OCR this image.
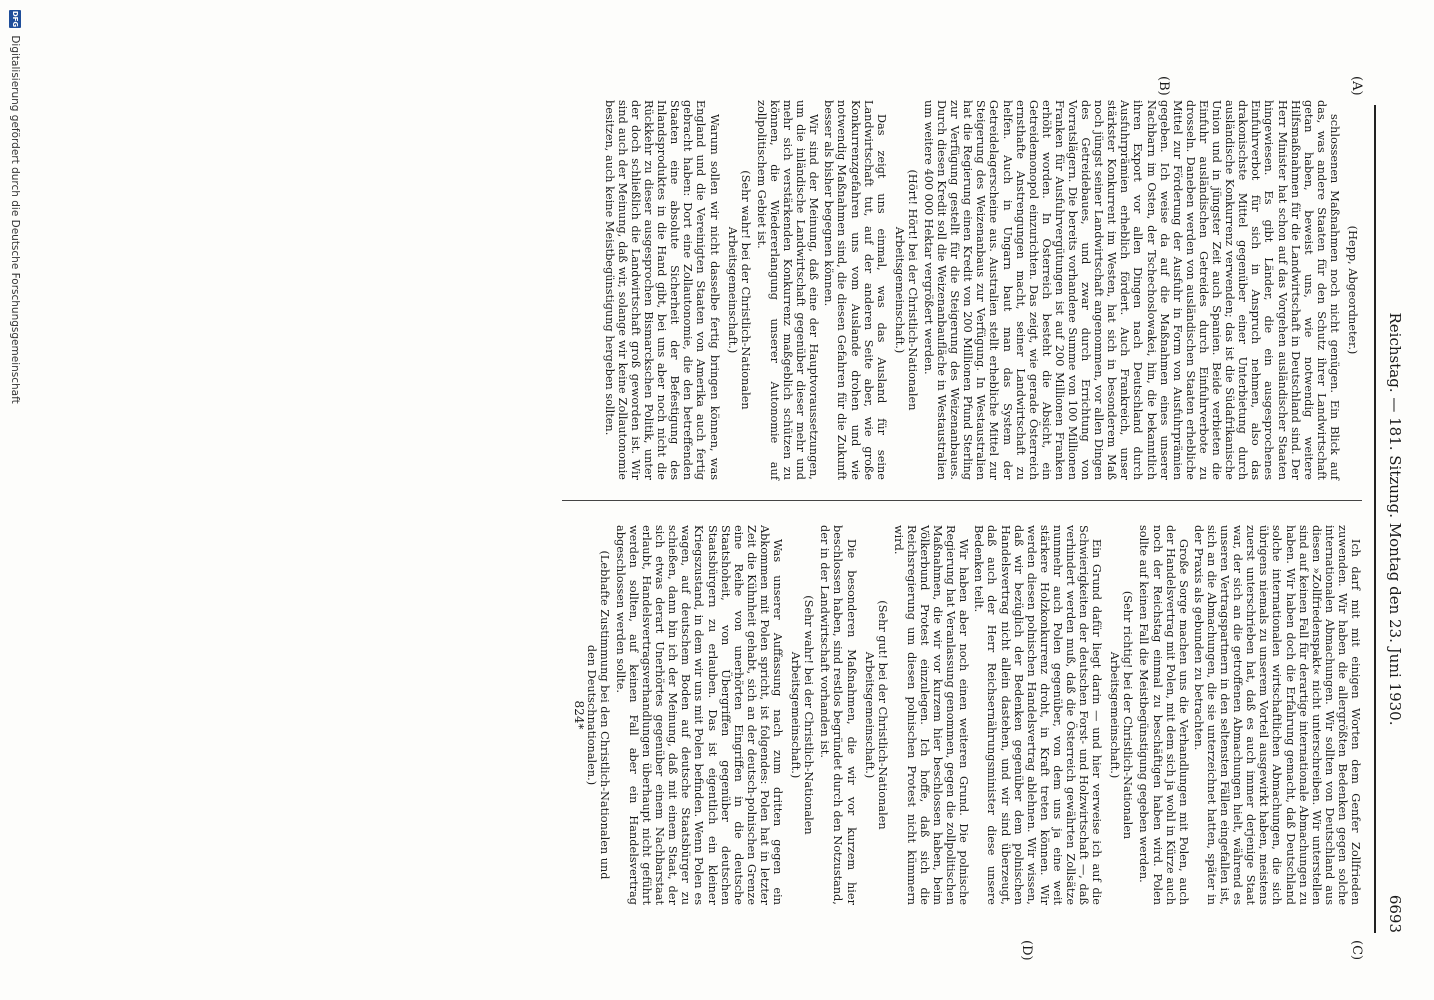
Reichstag. — 181. Sitzung. Montag den 23. Juni 1930.
6693
(A)
(B)
(C)
(D)

(Hepp, Abgeordneter.)

schlossenen Maßnahmen noch nicht genügen. Ein Blick auf das, was andere Staaten für den Schutz ihrer Landwirtschaft getan haben, beweist uns, wie notwendig weitere Hilfsmaßnahmen für die Landwirtschaft in Deutschland sind. Der Herr Minister hat schon auf das Vorgehen ausländischer Staaten hingewiesen. Es gibt Länder, die ein ausgesprochenes Einfuhrverbot für sich in Anspruch nehmen, also das drakonischste Mittel gegenüber einer Unterbietung durch ausländische Konkurrenz verwenden; das ist die Südafrikanische Union und in jüngster Zeit auch Spanien. Beide verbieten die Einfuhr ausländischen Getreides durch Einfuhrverbote zu drosseln. Daneben werden von ausländischen Staaten erhebliche Mittel zur Förderung der Ausfuhr in Form von Ausfuhrprämien gegeben. Ich weise da auf die Maßnahmen eines unserer Nachbarn im Osten, der Tschechoslowakei, hin, die bekanntlich ihren Export vor allen Dingen nach Deutschland durch Ausfuhrprämien erheblich fördert. Auch Frankreich, unser stärkster Konkurrent im Westen, hat sich in besonderem Maß noch jüngst seiner Landwirtschaft angenommen, vor allen Dingen des Getreidebaues, und zwar durch Errichtung von Vorratslägern. Die bereits vorhandene Summe von 100 Millionen Franken für Ausfuhrvergütungen ist auf 200 Millionen Franken erhöht worden. In Österreich besteht die Absicht, ein Getreidemonopol einzurichten. Das zeigt, wie gerade Österreich ernsthafte Anstrengungen macht, seiner Landwirtschaft zu helfen. Auch in Ungarn baut man das System der Getreidelagerscheine aus. Australien stellt erhebliche Mittel zur Steigerung des Weizenanbaus zur Verfügung. In Westaustralien hat die Regierung einen Kredit von 200 Millionen Pfund Sterling zur Verfügung gestellt für die Steigerung des Weizenanbaues. Durch diesen Kredit soll die Weizenanbaufläche in Westaustralien um weitere 400 000 Hektar vergrößert werden.

(Hört! Hört! bei der Christlich-Nationalen Arbeitsgemeinschaft.)

Das zeigt uns einmal, was das Ausland für seine Landwirtschaft tut, auf der anderen Seite aber, wie große Konkurrenzgefahren uns vom Auslande drohen und wie notwendig Maßnahmen sind, die diesen Gefahren für die Zukunft besser als bisher begegnen können.

Wir sind der Meinung, daß eine der Hauptvoraussetzungen, um die inländische Landwirtschaft gegenüber dieser mehr und mehr sich verstärkenden Konkurrenz maßgeblich schützen zu können, die Wiedererlangung unserer Autonomie auf zollpolitischem Gebiet ist.

(Sehr wahr! bei der Christlich-Nationalen Arbeitsgemeinschaft.)

Warum sollen wir nicht dasselbe fertig bringen können, was England und die Vereinigten Staaten von Amerika auch fertig gebracht haben: Dort eine Zollautonomie, die den betreffenden Staaten eine absolute Sicherheit der Befestigung des Inlandsproduktes in die Hand gibt, bei uns aber noch nicht die Rückkehr zu dieser ausgesprochen Bismarckschen Politik, unter der doch schließlich die Landwirtschaft groß geworden ist. Wir sind auch der Meinung, daß wir, solange wir keine Zollautonomie besitzen, auch keine Meistbegünstigung hergeben sollten.

Ich darf mit mit einigen Worten dem Genfer Zollfrieden zuwenden. Wir haben die allergrößten Bedenken gegen solche internationalen Abmachungen. Wir sollten von Deutschland aus diesen »Zollfriedenspakt« nicht unterschreiben. Wir unterstellen sind auf keinen Fall für derartige internationale Abmachungen zu haben. Wir haben doch die Erfahrung gemacht, daß Deutschland solche internationalen wirtschaftlichen Abmachungen, die sich übrigens niemals zu unserem Vorteil ausgewirkt haben, meistens zuerst unterschrieben hat, daß es auch immer derjenige Staat war, der sich an die getroffenen Abmachungen hielt, während es unseren Vertragspartnern in den seltensten Fällen eingefallen ist, sich an die Abmachungen, die sie unterzeichnet hatten, später in der Praxis als gebunden zu betrachten.

Große Sorge machen uns die Verhandlungen mit Polen, auch der Handelsvertrag mit Polen, mit dem sich ja wohl in Kürze auch noch der Reichstag einmal zu beschäftigen haben wird. Polen sollte auf keinen Fall die Meistbegünstigung gegeben werden.

(Sehr richtig! bei der Christlich-Nationalen Arbeitsgemeinschaft.)

Ein Grund dafür liegt darin — und hier verweise ich auf die Schwierigkeiten der deutschen Forst- und Holzwirtschaft —, daß verhindert werden muß, daß die Österreich gewährten Zollsätze nunmehr auch Polen gegenüber, von dem uns ja eine weit stärkere Holzkonkurrenz droht, in Kraft treten können. Wir werden diesen polnischen Handelsvertrag ablehnen. Wir wissen, daß wir bezüglich der Bedenken gegenüber dem polnischen Handelsvertrag nicht allein dastehen, und wir sind überzeugt, daß auch der Herr Reichsernährungsminister diese unsere Bedenken teilt.

Wir haben aber noch einen weiteren Grund. Die polnische Regierung hat Veranlassung genommen, gegen die zollpolitischen Maßnahmen, die wir vor kurzem hier beschlossen haben, beim Völkerbund Protest einzulegen. Ich hoffe, daß sich die Reichsregierung um diesen polnischen Protest nicht kümmern wird.

(Sehr gut! bei der Christlich-Nationalen Arbeitsgemeinschaft.)

Die besonderen Maßnahmen, die wir vor kurzem hier beschlossen haben, sind restlos begründet durch den Notzustand, der in der Landwirtschaft vorhanden ist.

(Sehr wahr! bei der Christlich-Nationalen Arbeitsgemeinschaft.)

Was unserer Auffassung nach zum dritten gegen ein Abkommen mit Polen spricht, ist folgendes: Polen hat in letzter Zeit die Kühnheit gehabt, sich an der deutsch-polnischen Grenze eine Reihe von unerhörten Eingriffen in die deutsche Staatshoheit, von Übergriffen gegenüber deutschen Staatsbürgern zu erlauben. Das ist eigentlich ein kleiner Kriegszustand, in dem wir uns mit Polen befinden. Wenn Polen es wagen, auf deutschem Boden auf deutsche Staatsbürger zu schießen, dann bin ich der Meinung, daß mit einem Staat, der sich etwas derart Unerhörtes gegenüber einem Nachbarstaat erlaubt, Handelsvertragsverhandlungen überhaupt nicht geführt werden sollten, auf keinen Fall aber ein Handelsvertrag abgeschlossen werden sollte.

(Lebhafte Zustimmung bei den Christlich-Nationalen und den Deutschnationalen.)

824*
DFG Digitalisierung gefördert durch die Deutsche Forschungsgemeinschaft
